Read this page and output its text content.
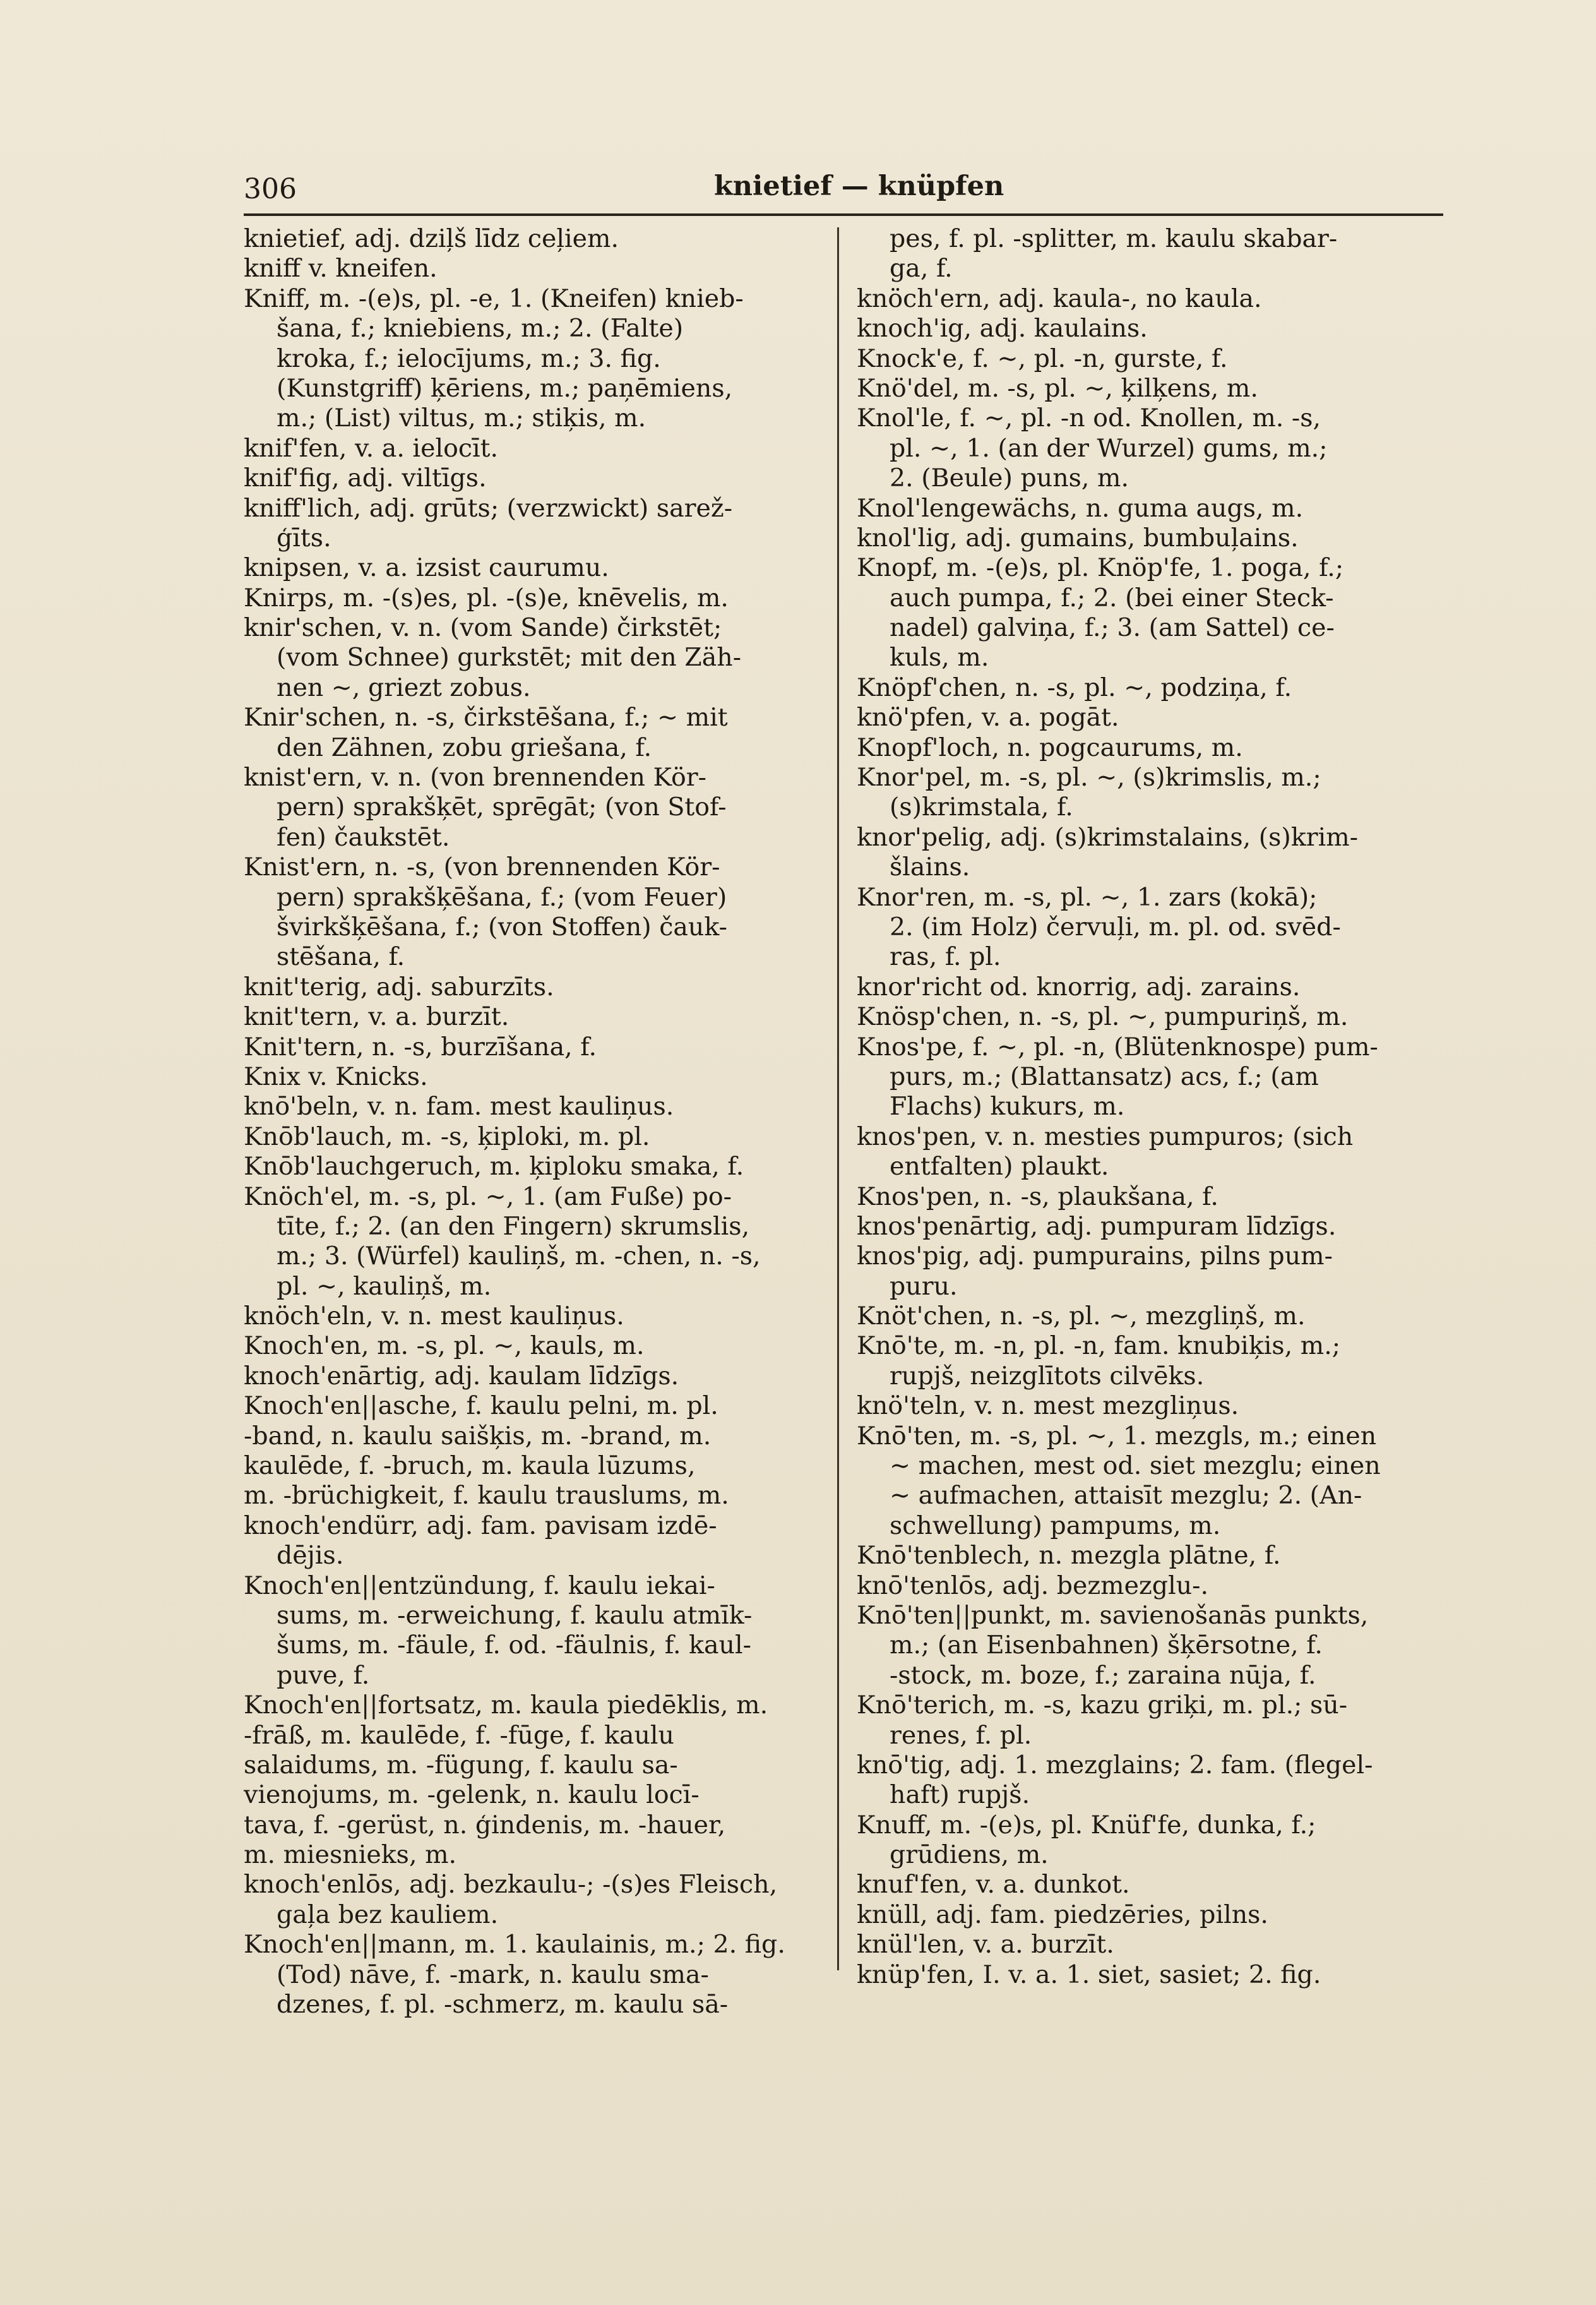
306	knietief — knüpfen
knietief, adj. dziļš līdz ceļiem.
kniff v. kneifen.
Kniff, m. -(e)s, pl. -e, 1. (Kneifen) knieb-
šana, f.; kniebiens, m.; 2. (Falte)
kroka, f.; ielocījums, m.; 3. fig.
(Kunstgriff) ķēriens, m.; paņēmiens,
m.; (List) viltus, m.; stiķis, m.
knif'fen, v. a. ielocīt.
knif'fig, adj. viltīgs.
kniff'lich, adj. grūts; (verzwickt) sarež-
ģīts.
knipsen, v. a. izsist caurumu.
Knirps, m. -(s)es, pl. -(s)e, knēvelis, m.
knir'schen, v. n. (vom Sande) čirkstēt;
(vom Schnee) gurkstēt; mit den Zäh-
nen ~, griezt zobus.
Knir'schen, n. -s, čirkstēšana, f.; ~ mit
den Zähnen, zobu griešana, f.
knist'ern, v. n. (von brennenden Kör-
pern) sprakšķēt, sprēgāt; (von Stof-
fen) čaukstēt.
Knist'ern, n. -s, (von brennenden Kör-
pern) sprakšķēšana, f.; (vom Feuer)
švirkšķēšana, f.; (von Stoffen) čauk-
stēšana, f.
knit'terig, adj. saburzīts.
knit'tern, v. a. burzīt.
Knit'tern, n. -s, burzīšana, f.
Knix v. Knicks.
knō'beln, v. n. fam. mest kauliņus.
Knōb'lauch, m. -s, ķiploki, m. pl.
Knōb'lauchgeruch, m. ķiploku smaka, f.
Knöch'el, m. -s, pl. ~, 1. (am Fuße) po-
tīte, f.; 2. (an den Fingern) skrumslis,
m.; 3. (Würfel) kauliņš, m. -chen, n. -s,
pl. ~, kauliņš, m.
knöch'eln, v. n. mest kauliņus.
Knoch'en, m. -s, pl. ~, kauls, m.
knoch'enārtig, adj. kaulam līdzīgs.
Knoch'en||asche, f. kaulu pelni, m. pl.
-band, n. kaulu saišķis, m. -brand, m.
kaulēde, f. -bruch, m. kaula lūzums,
m. -brüchigkeit, f. kaulu trauslums, m.
knoch'endürr, adj. fam. pavisam izdē-
dējis.
Knoch'en||entzündung, f. kaulu iekai-
sums, m. -erweichung, f. kaulu atmīk-
šums, m. -fäule, f. od. -fäulnis, f. kaul-
puve, f.
Knoch'en||fortsatz, m. kaula piedēklis, m.
-frāß, m. kaulēde, f. -fūge, f. kaulu
salaidums, m. -fügung, f. kaulu sa-
vienojums, m. -gelenk, n. kaulu locī-
tava, f. -gerüst, n. ģindenis, m. -hauer,
m. miesnieks, m.
knoch'enlōs, adj. bezkaulu-; -(s)es Fleisch,
gaļa bez kauliem.
Knoch'en||mann, m. 1. kaulainis, m.; 2. fig.
(Tod) nāve, f. -mark, n. kaulu sma-
dzenes, f. pl. -schmerz, m. kaulu sā-
pes, f. pl. -splitter, m. kaulu skabar-
ga, f.
knöch'ern, adj. kaula-, no kaula.
knoch'ig, adj. kaulains.
Knock'e, f. ~, pl. -n, gurste, f.
Knö'del, m. -s, pl. ~, ķilķens, m.
Knol'le, f. ~, pl. -n od. Knollen, m. -s,
pl. ~, 1. (an der Wurzel) gums, m.;
2. (Beule) puns, m.
Knol'lengewächs, n. guma augs, m.
knol'lig, adj. gumains, bumbuļains.
Knopf, m. -(e)s, pl. Knöp'fe, 1. poga, f.;
auch pumpa, f.; 2. (bei einer Steck-
nadel) galviņa, f.; 3. (am Sattel) ce-
kuls, m.
Knöpf'chen, n. -s, pl. ~, podziņa, f.
knö'pfen, v. a. pogāt.
Knopf'loch, n. pogcaurums, m.
Knor'pel, m. -s, pl. ~, (s)krimslis, m.;
(s)krimstala, f.
knor'pelig, adj. (s)krimstalains, (s)krim-
šlains.
Knor'ren, m. -s, pl. ~, 1. zars (kokā);
2. (im Holz) červuļi, m. pl. od. svēd-
ras, f. pl.
knor'richt od. knorrig, adj. zarains.
Knösp'chen, n. -s, pl. ~, pumpuriņš, m.
Knos'pe, f. ~, pl. -n, (Blütenknospe) pum-
purs, m.; (Blattansatz) acs, f.; (am
Flachs) kukurs, m.
knos'pen, v. n. mesties pumpuros; (sich
entfalten) plaukt.
Knos'pen, n. -s, plaukšana, f.
knos'penārtig, adj. pumpuram līdzīgs.
knos'pig, adj. pumpurains, pilns pum-
puru.
Knöt'chen, n. -s, pl. ~, mezgliņš, m.
Knō'te, m. -n, pl. -n, fam. knubiķis, m.;
rupjš, neizglītots cilvēks.
knö'teln, v. n. mest mezgliņus.
Knō'ten, m. -s, pl. ~, 1. mezgls, m.; einen
~ machen, mest od. siet mezglu; einen
~ aufmachen, attaisīt mezglu; 2. (An-
schwellung) pampums, m.
Knō'tenblech, n. mezgla plātne, f.
knō'tenlōs, adj. bezmezglu-.
Knō'ten||punkt, m. savienošanās punkts,
m.; (an Eisenbahnen) šķērsotne, f.
-stock, m. boze, f.; zaraina nūja, f.
Knō'terich, m. -s, kazu griķi, m. pl.; sū-
renes, f. pl.
knō'tig, adj. 1. mezglains; 2. fam. (flegel-
haft) rupjš.
Knuff, m. -(e)s, pl. Knüf'fe, dunka, f.;
grūdiens, m.
knuf'fen, v. a. dunkot.
knüll, adj. fam. piedzēries, pilns.
knül'len, v. a. burzīt.
knüp'fen, I. v. a. 1. siet, sasiet; 2. fig.
